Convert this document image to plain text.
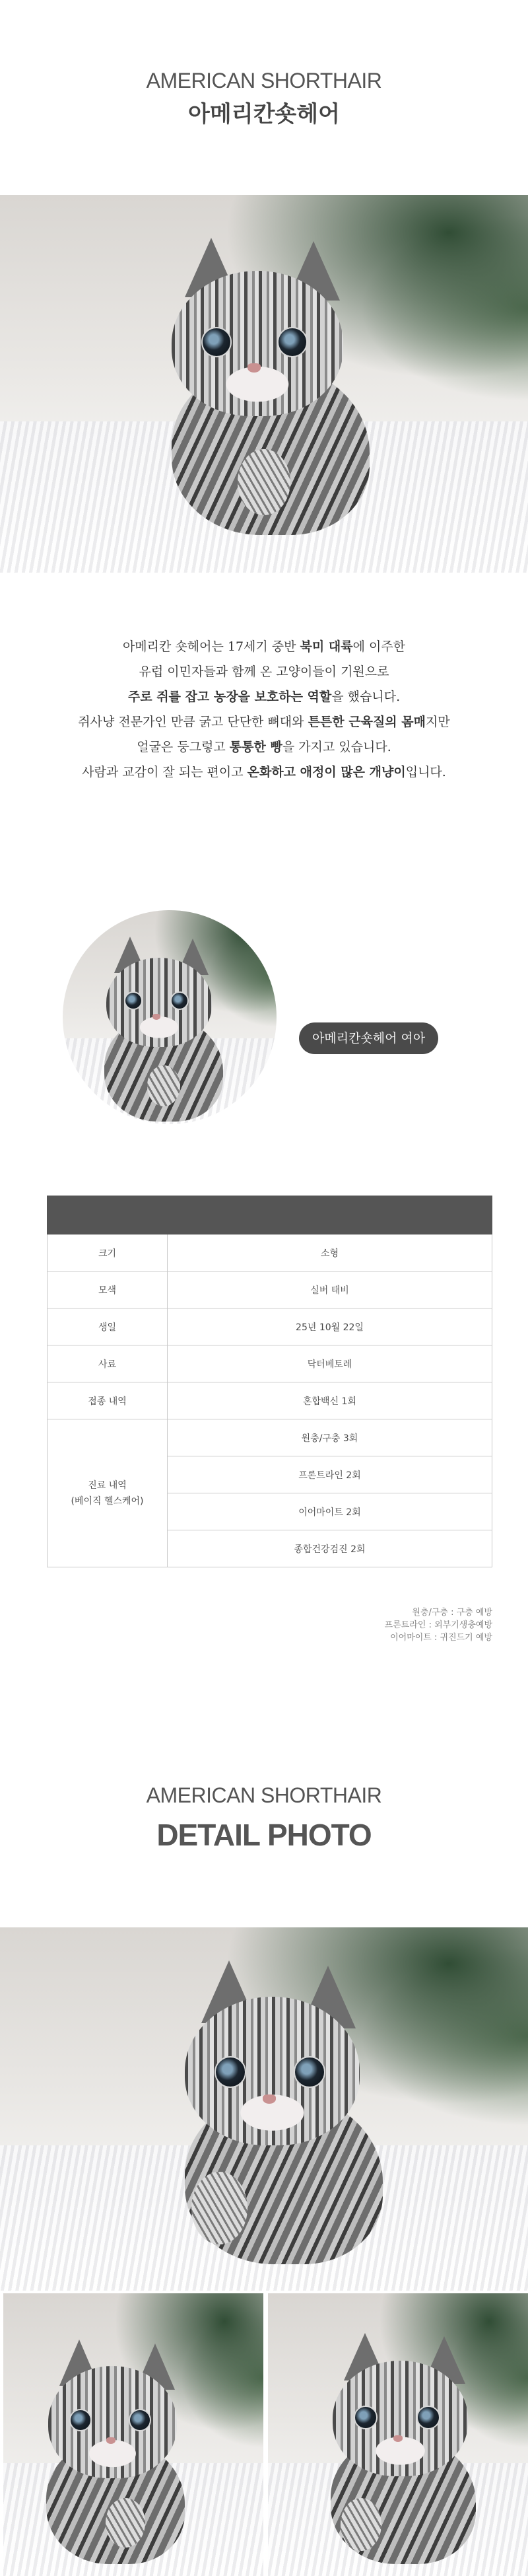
AMERICAN SHORTHAIR
아메리칸숏헤어
아메리칸 숏헤어는 17세기 중반 북미 대륙에 이주한
유럽 이민자들과 함께 온 고양이들이 기원으로
주로 쥐를 잡고 농장을 보호하는 역할을 했습니다.
쥐사냥 전문가인 만큼 굵고 단단한 뼈대와 튼튼한 근육질의 몸매지만
얼굴은 둥그렇고 통통한 빵을 가지고 있습니다.
사람과 교감이 잘 되는 편이고 온화하고 애정이 많은 개냥이입니다.
아메리칸숏헤어 여아

크기	소형
모색	실버 태비
생일	25년 10월 22일
사료	닥터베토레
접종 내역	혼합백신 1회

진료 내역
(베이직 헬스케어)	원충/구충 3회
	프론트라인 2회
	이어마이트 2회
	종합건강검진 2회
원충/구충 : 구충 예방
프론트라인 : 외부기생충예방
이어마이트 : 귀진드기 예방
AMERICAN SHORTHAIR
DETAIL PHOTO
